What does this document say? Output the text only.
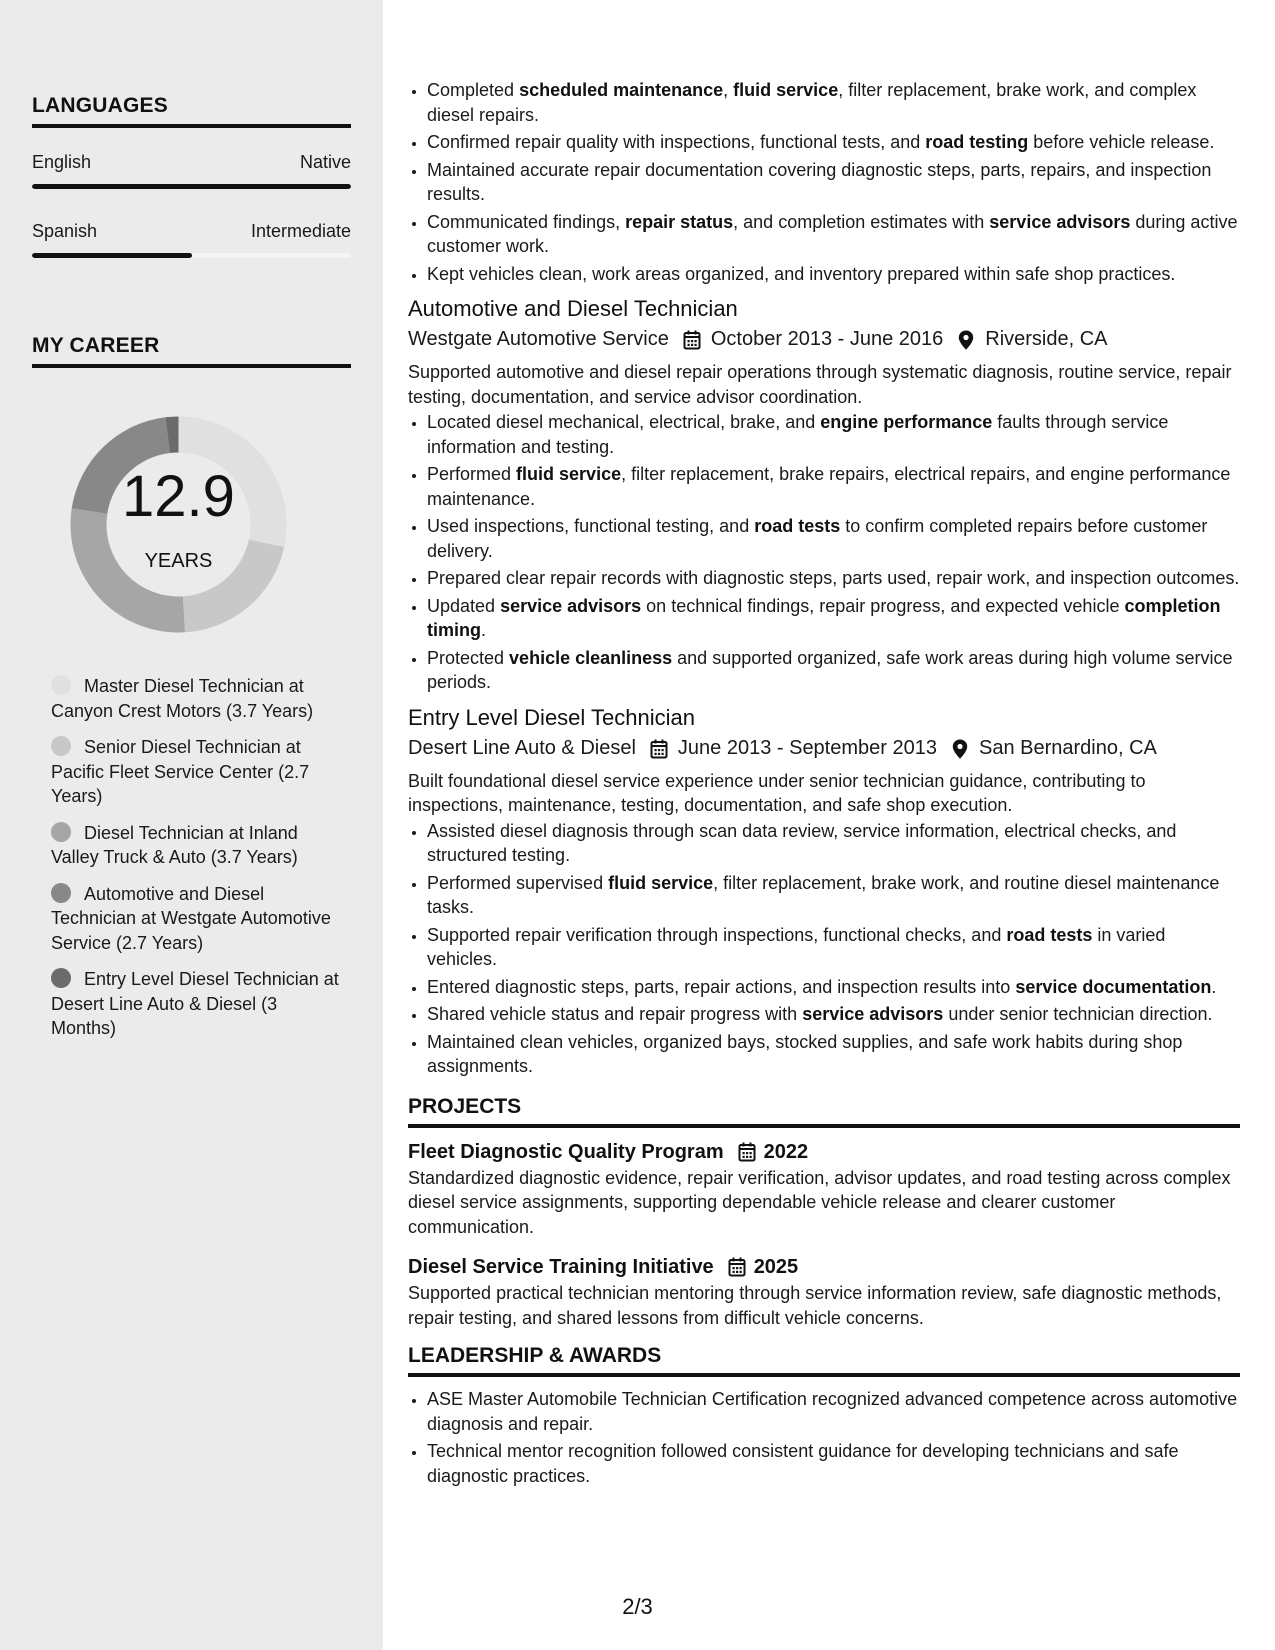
LANGUAGES
English	Native
Spanish	Intermediate
MY CAREER
12.9
YEARS
Master Diesel Technician at Canyon Crest Motors (3.7 Years)
Senior Diesel Technician at Pacific Fleet Service Center (2.7 Years)
Diesel Technician at Inland Valley Truck & Auto (3.7 Years)
Automotive and Diesel Technician at Westgate Automotive Service (2.7 Years)
Entry Level Diesel Technician at Desert Line Auto & Diesel (3 Months)
• Completed scheduled maintenance, fluid service, filter replacement, brake work, and complex diesel repairs.
• Confirmed repair quality with inspections, functional tests, and road testing before vehicle release.
• Maintained accurate repair documentation covering diagnostic steps, parts, repairs, and inspection results.
• Communicated findings, repair status, and completion estimates with service advisors during active customer work.
• Kept vehicles clean, work areas organized, and inventory prepared within safe shop practices.
Automotive and Diesel Technician
Westgate Automotive Service October 2013 - June 2016 Riverside, CA
Supported automotive and diesel repair operations through systematic diagnosis, routine service, repair testing, documentation, and service advisor coordination.
• Located diesel mechanical, electrical, brake, and engine performance faults through service information and testing.
• Performed fluid service, filter replacement, brake repairs, electrical repairs, and engine performance maintenance.
• Used inspections, functional testing, and road tests to confirm completed repairs before customer delivery.
• Prepared clear repair records with diagnostic steps, parts used, repair work, and inspection outcomes.
• Updated service advisors on technical findings, repair progress, and expected vehicle completion timing.
• Protected vehicle cleanliness and supported organized, safe work areas during high volume service periods.
Entry Level Diesel Technician
Desert Line Auto & Diesel June 2013 - September 2013 San Bernardino, CA
Built foundational diesel service experience under senior technician guidance, contributing to inspections, maintenance, testing, documentation, and safe shop execution.
• Assisted diesel diagnosis through scan data review, service information, electrical checks, and structured testing.
• Performed supervised fluid service, filter replacement, brake work, and routine diesel maintenance tasks.
• Supported repair verification through inspections, functional checks, and road tests in varied vehicles.
• Entered diagnostic steps, parts, repair actions, and inspection results into service documentation.
• Shared vehicle status and repair progress with service advisors under senior technician direction.
• Maintained clean vehicles, organized bays, stocked supplies, and safe work habits during shop assignments.
PROJECTS
Fleet Diagnostic Quality Program 2022
Standardized diagnostic evidence, repair verification, advisor updates, and road testing across complex diesel service assignments, supporting dependable vehicle release and clearer customer communication.
Diesel Service Training Initiative 2025
Supported practical technician mentoring through service information review, safe diagnostic methods, repair testing, and shared lessons from difficult vehicle concerns.
LEADERSHIP & AWARDS
• ASE Master Automobile Technician Certification recognized advanced competence across automotive diagnosis and repair.
• Technical mentor recognition followed consistent guidance for developing technicians and safe diagnostic practices.
2/3
